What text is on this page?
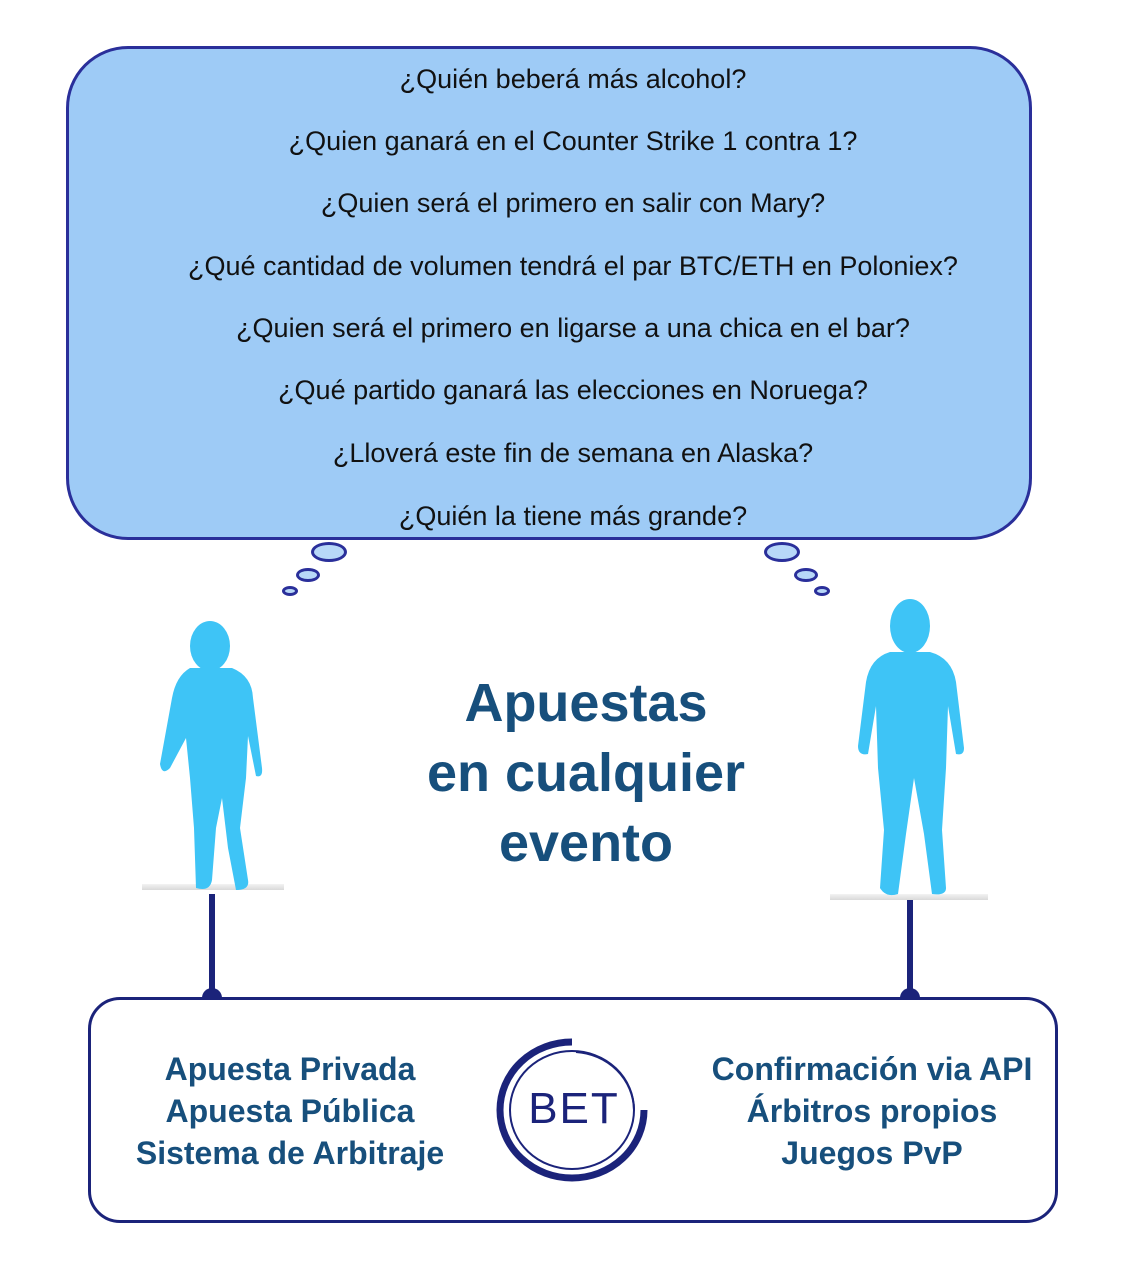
¿Quién beberá más alcohol?
¿Quien ganará en el Counter Strike 1 contra 1?
¿Quien será el primero en salir con Mary?
¿Qué cantidad de volumen tendrá el par BTC/ETH en Poloniex?
¿Quien será el primero en ligarse a una chica en el bar?
¿Qué partido ganará las elecciones en Noruega?
¿Lloverá este fin de semana en Alaska?
¿Quién la tiene más grande?
Apuestas
en cualquier
evento
Apuesta Privada
Apuesta Pública
Sistema de Arbitraje
Confirmación via API
Árbitros propios
Juegos PvP
BET
